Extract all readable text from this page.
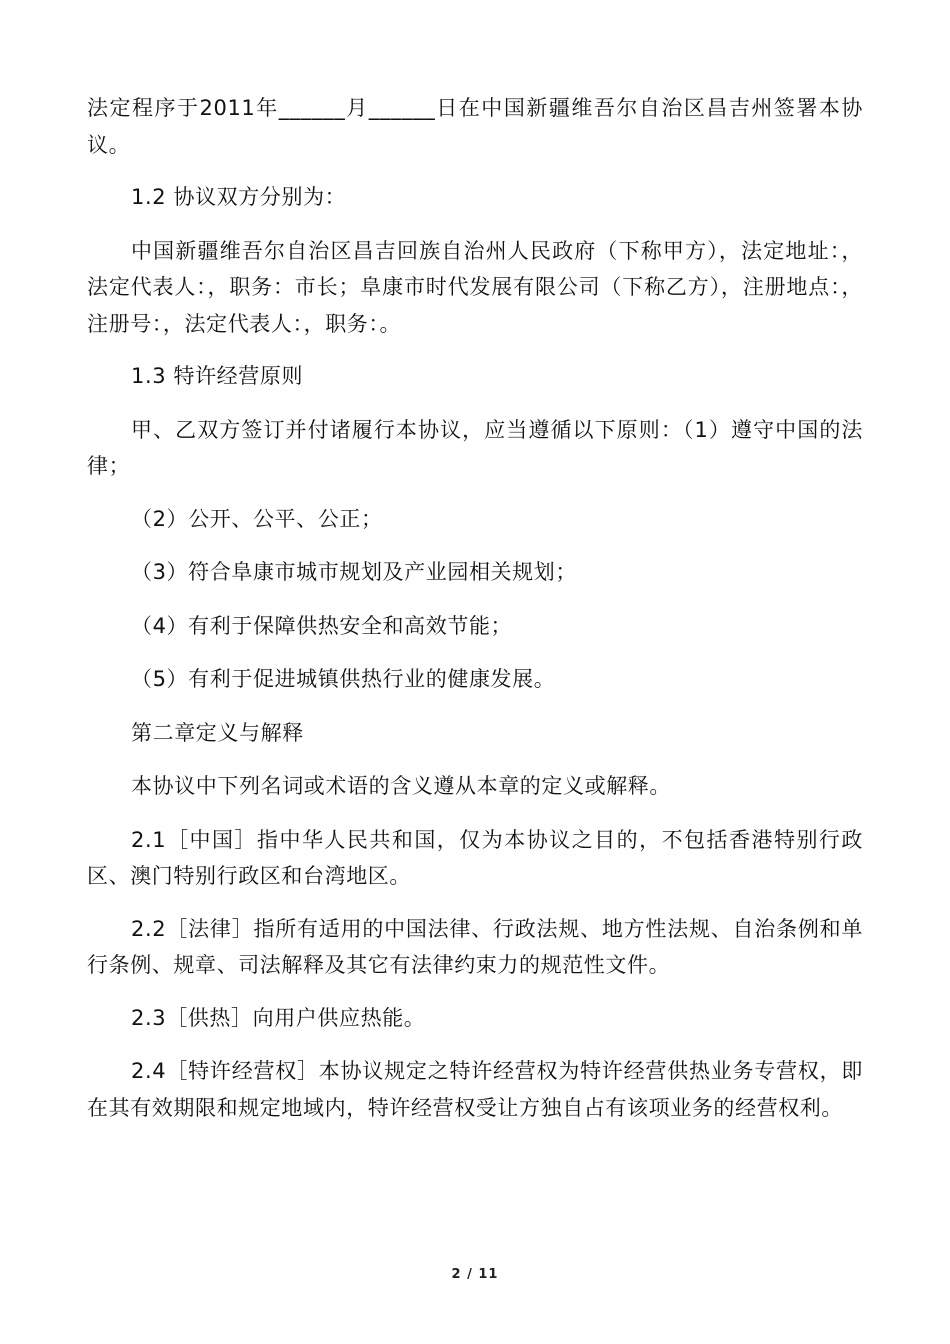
法定程序于2011年______月______日在中国新疆维吾尔自治区昌吉州签署本协议。

1.2 协议双方分别为：

中国新疆维吾尔自治区昌吉回族自治州人民政府（下称甲方），法定地址：，法定代表人：，职务：市长；阜康市时代发展有限公司（下称乙方），注册地点：，注册号：，法定代表人：，职务：。

1.3 特许经营原则

甲、乙双方签订并付诸履行本协议，应当遵循以下原则：（1）遵守中国的法律；

（2）公开、公平、公正；

（3）符合阜康市城市规划及产业园相关规划；

（4）有利于保障供热安全和高效节能；

（5）有利于促进城镇供热行业的健康发展。

第二章定义与解释

本协议中下列名词或术语的含义遵从本章的定义或解释。

2.1［中国］指中华人民共和国，仅为本协议之目的，不包括香港特别行政区、澳门特别行政区和台湾地区。

2.2［法律］指所有适用的中国法律、行政法规、地方性法规、自治条例和单行条例、规章、司法解释及其它有法律约束力的规范性文件。

2.3［供热］向用户供应热能。

2.4［特许经营权］本协议规定之特许经营权为特许经营供热业务专营权，即在其有效期限和规定地域内，特许经营权受让方独自占有该项业务的经营权利。

2 / 11
